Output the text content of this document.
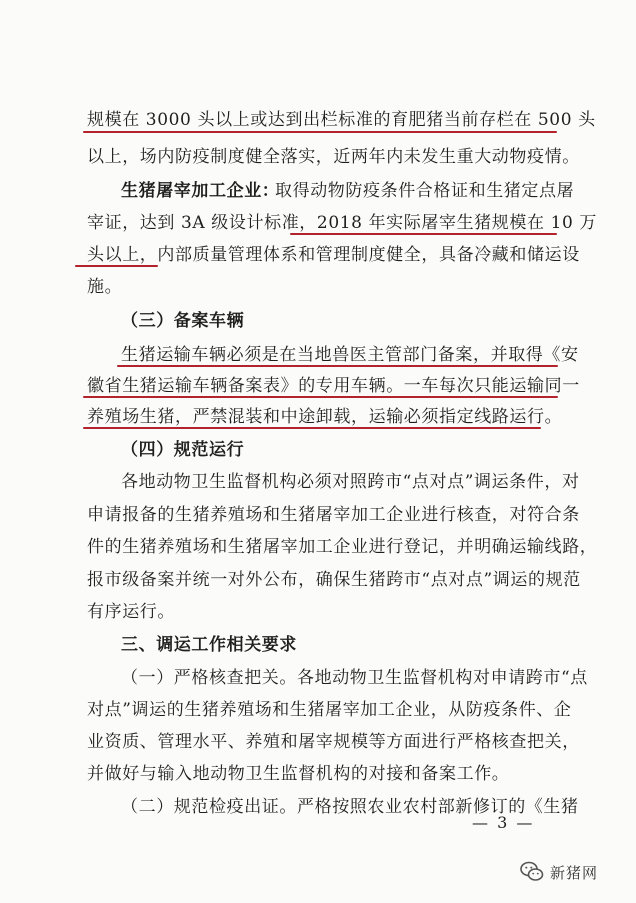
规模在 3000 头以上或达到出栏标准的育肥猪当前存栏在 500 头
以上，场内防疫制度健全落实，近两年内未发生重大动物疫情。
生猪屠宰加工企业：
取得动物防疫条件合格证和生猪定点屠
宰证，达到 3A 级设计标准，2018 年实际屠宰生猪规模在 10 万
头以上，内部质量管理体系和管理制度健全，具备冷藏和储运设
施。
（三）备案车辆
生猪运输车辆必须是在当地兽医主管部门备案，并取得《安
徽省生猪运输车辆备案表》的专用车辆。一车每次只能运输同一
养殖场生猪，严禁混装和中途卸载，运输必须指定线路运行。
（四）规范运行
各地动物卫生监督机构必须对照跨市“点对点”调运条件，对
申请报备的生猪养殖场和生猪屠宰加工企业进行核查，对符合条
件的生猪养殖场和生猪屠宰加工企业进行登记，并明确运输线路，
报市级备案并统一对外公布，确保生猪跨市“点对点”调运的规范
有序运行。
三、调运工作相关要求
（一）严格核查把关。各地动物卫生监督机构对申请跨市“点
对点”调运的生猪养殖场和生猪屠宰加工企业，从防疫条件、企
业资质、管理水平、养殖和屠宰规模等方面进行严格核查把关，
并做好与输入地动物卫生监督机构的对接和备案工作。
（二）规范检疫出证。严格按照农业农村部新修订的《生猪
— 3 —
新猪网
